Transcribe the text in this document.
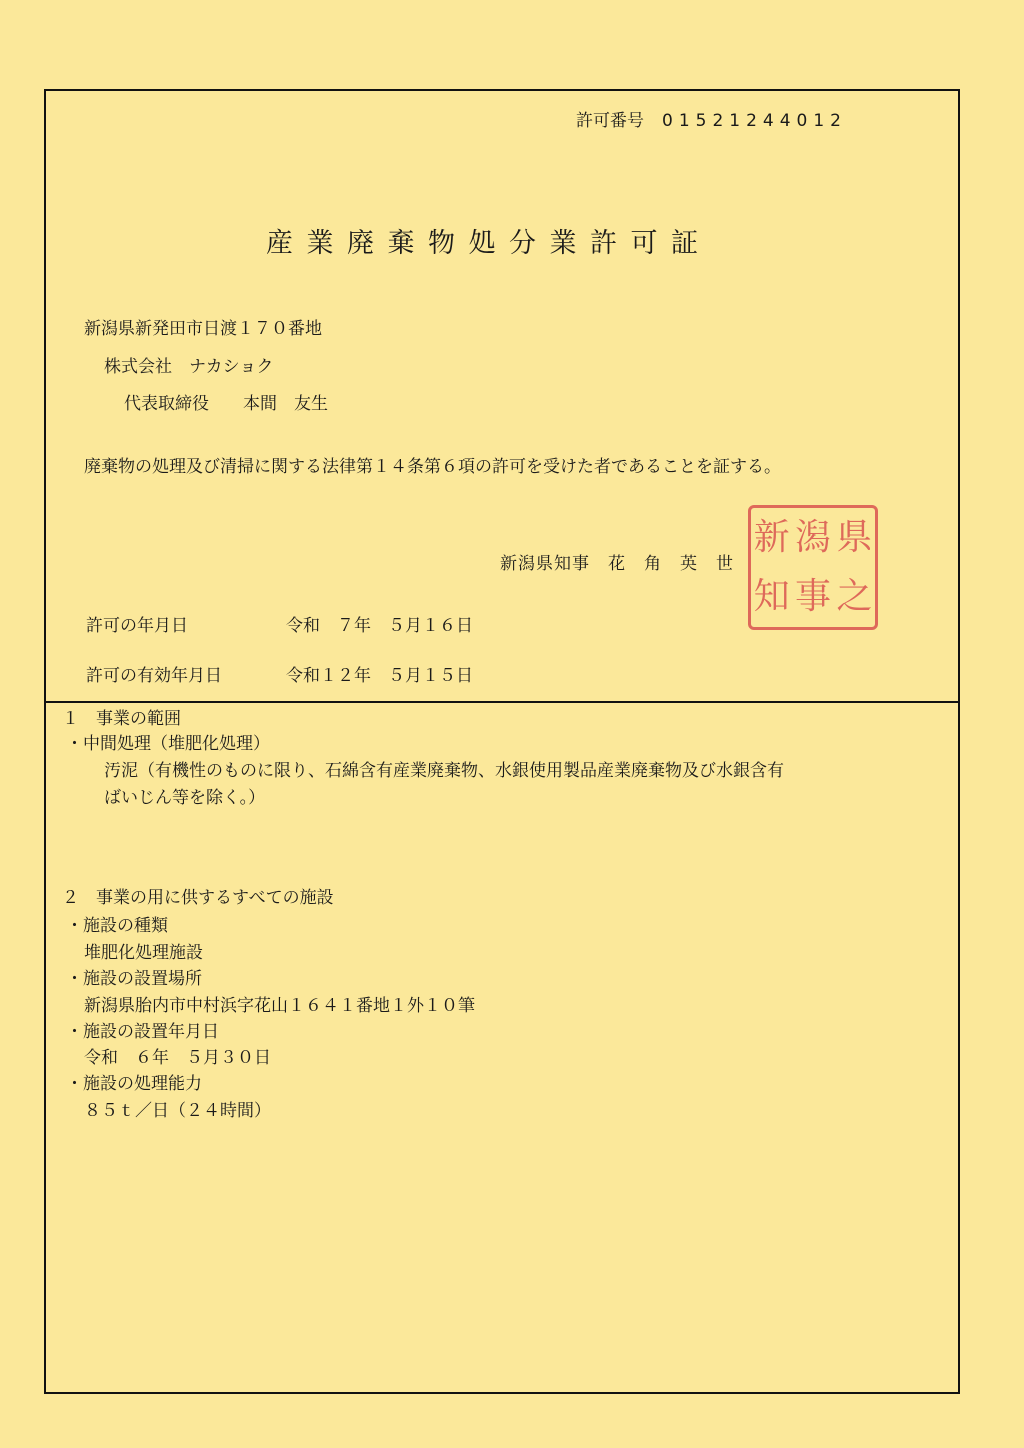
許可番号 01521244012
産業廃棄物処分業許可証
新潟県新発田市日渡１７０番地
株式会社　ナカショク
代表取締役　　本間　友生
廃棄物の処理及び清掃に関する法律第１４条第６項の許可を受けた者であることを証する。
新潟県知事　花　角　英　世
新 潟 県
知 事 之
許可の年月日	令和　７年　５月１６日
許可の有効年月日	令和１２年　５月１５日
１　事業の範囲
・中間処理（堆肥化処理）
汚泥（有機性のものに限り、石綿含有産業廃棄物、水銀使用製品産業廃棄物及び水銀含有
ばいじん等を除く。）
２　事業の用に供するすべての施設
・施設の種類
堆肥化処理施設
・施設の設置場所
新潟県胎内市中村浜字花山１６４１番地１外１０筆
・施設の設置年月日
令和　６年　５月３０日
・施設の処理能力
８５ｔ／日（２４時間）
